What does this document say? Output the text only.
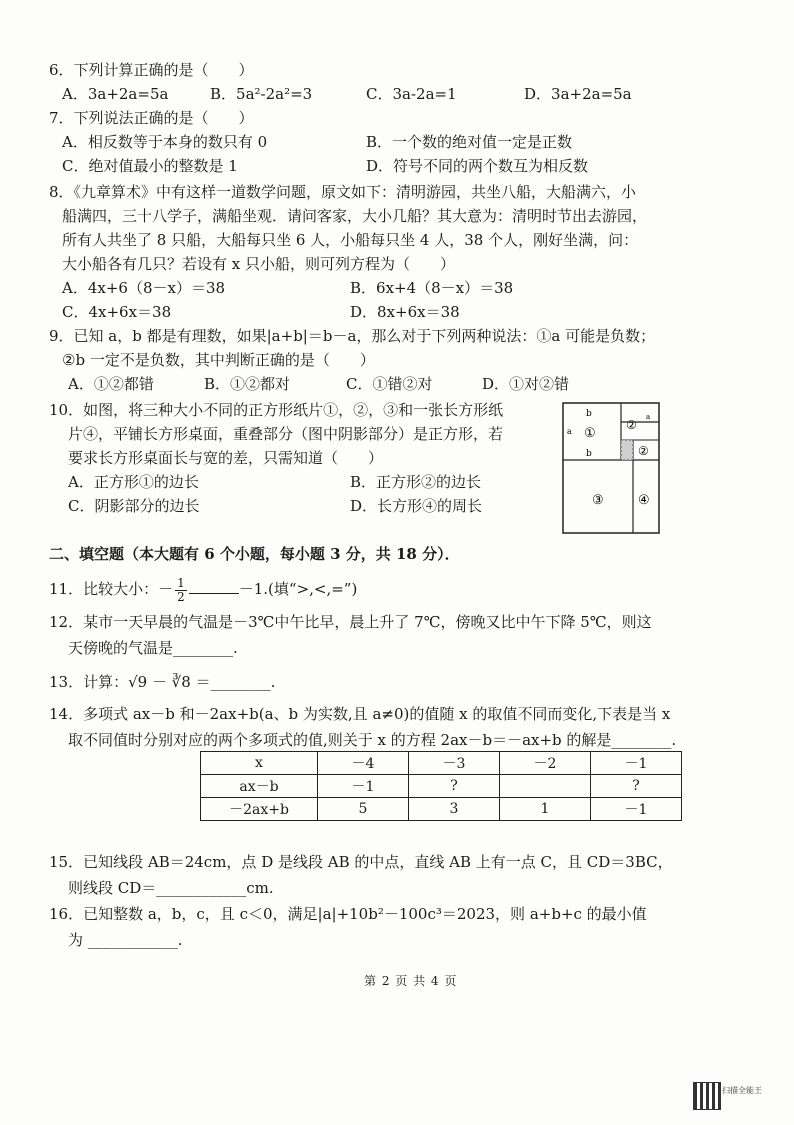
6．下列计算正确的是（　　）
A．3a+2a=5a	B．5a²-2a²=3	C．3a-2a=1	D．3a+2a=5a
7．下列说法正确的是（　　）
A．相反数等于本身的数只有 0	B．一个数的绝对值一定是正数
C．绝对值最小的整数是 1	D．符号不同的两个数互为相反数
8．《九章算术》中有这样一道数学问题，原文如下：清明游园，共坐八船，大船满六，小
船满四，三十八学子，满船坐观．请问客家，大小几船？其大意为：清明时节出去游园，
所有人共坐了 8 只船，大船每只坐 6 人，小船每只坐 4 人，38 个人，刚好坐满，问：
大小船各有几只？若设有 x 只小船，则可列方程为（　　）
A．4x+6（8－x）＝38	B．6x+4（8－x）＝38
C．4x+6x＝38	D．8x+6x＝38
9．已知 a，b 都是有理数，如果|a+b|＝b－a，那么对于下列两种说法：①a 可能是负数；
②b 一定不是负数，其中判断正确的是（　　）
A．①②都错	B．①②都对	C．①错②对	D．①对②错
10．如图，将三种大小不同的正方形纸片①，②，③和一张长方形纸
片④，平铺长方形桌面，重叠部分（图中阴影部分）是正方形，若
要求长方形桌面长与宽的差，只需知道（　　）
A．正方形①的边长	B．正方形②的边长
C．阴影部分的边长	D．长方形④的周长
b
a ①
②
a
b	②
③	④
二、填空题（本大题有 6 个小题，每小题 3 分，共 18 分）．
11．比较大小：－ $\frac{1}{2}$	－1.(填“>,<,=”)
12．某市一天早晨的气温是－3℃中午比早，晨上升了 7℃，傍晚又比中午下降 5℃，则这
天傍晚的气温是________.
13．计算：√9 － ∛8 ＝________.
14．多项式 ax－b 和－2ax+b(a、b 为实数,且 a≠0)的值随 x 的取值不同而变化,下表是当 x
取不同值时分别对应的两个多项式的值,则关于 x 的方程 2ax－b＝－ax+b 的解是________.
x	－4	－3	－2	－1
ax－b	－1	?		?
－2ax+b	5	3	1	－1
15．已知线段 AB＝24cm，点 D 是线段 AB 的中点，直线 AB 上有一点 C，且 CD＝3BC，
则线段 CD＝____________cm.
16．已知整数 a，b，c，且 c＜0，满足|a|+10b²－100c³＝2023，则 a+b+c 的最小值
为 ____________.
第 2 页 共 4 页
扫描全能王
